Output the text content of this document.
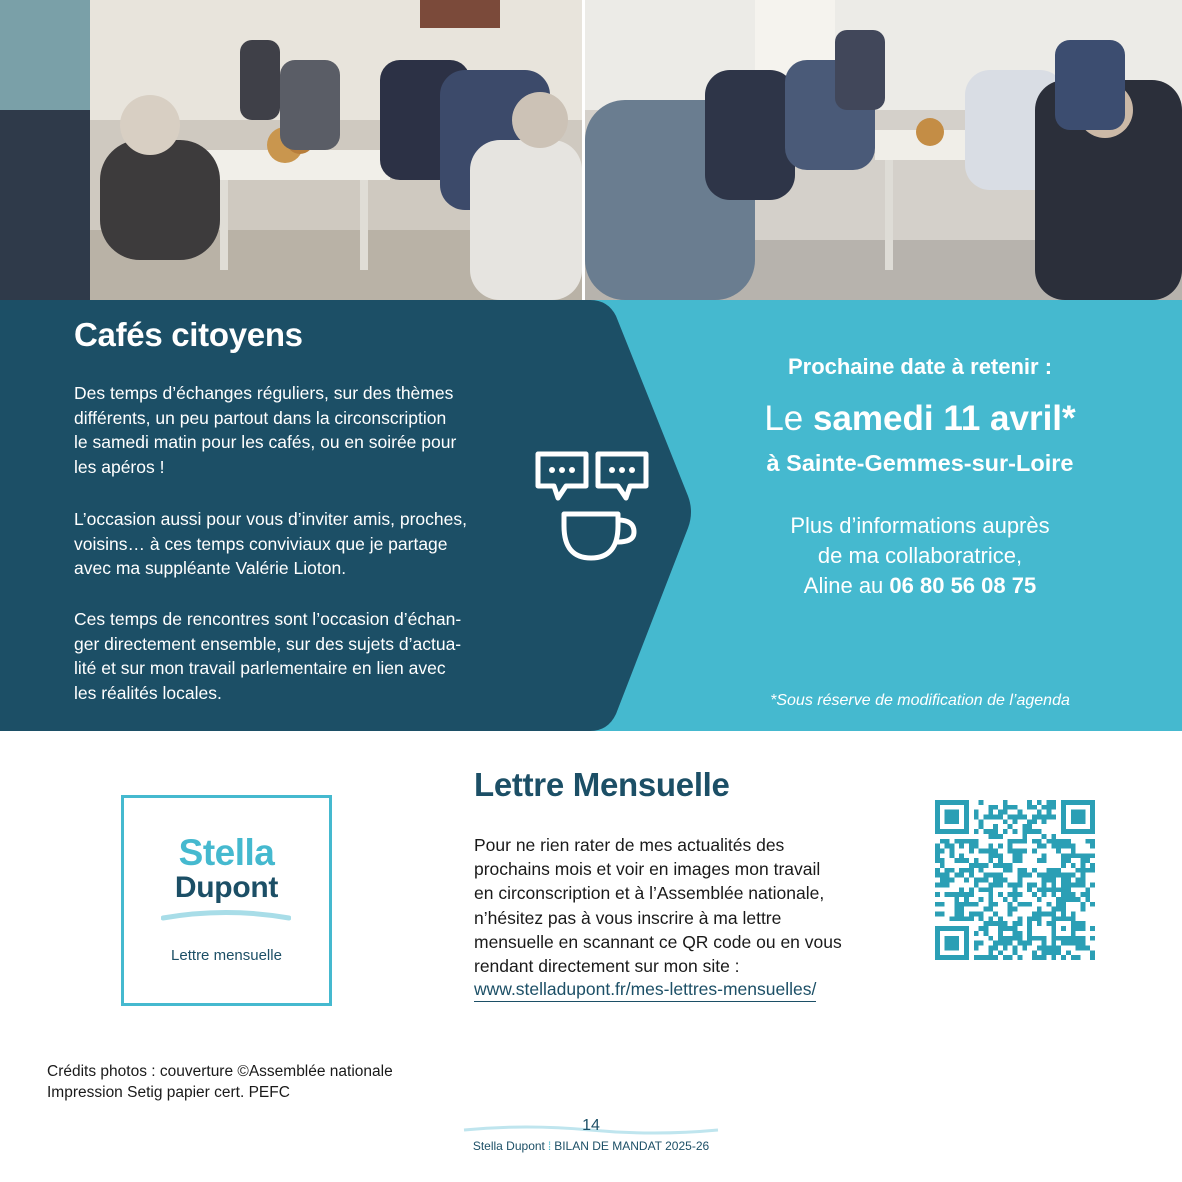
Cafés citoyens
Des temps d’échanges réguliers, sur des thèmes
différents, un peu partout dans la circonscription
le samedi matin pour les cafés, ou en soirée pour
les apéros !
L’occasion aussi pour vous d’inviter amis, proches,
voisins… à ces temps conviviaux que je partage
avec ma suppléante Valérie Lioton.
Ces temps de rencontres sont l’occasion d’échan-
ger directement ensemble, sur des sujets d’actua-
lité et sur mon travail parlementaire en lien avec
les réalités locales.
Prochaine date à retenir :
Le samedi 11 avril*
à Sainte-Gemmes-sur-Loire
Plus d’informations auprès
de ma collaboratrice,
Aline au 06 80 56 08 75
*Sous réserve de modification de l’agenda
Stella
Dupont
Lettre mensuelle
Lettre Mensuelle
Pour ne rien rater de mes actualités des
prochains mois et voir en images mon travail
en circonscription et à l’Assemblée nationale,
n’hésitez pas à vous inscrire à ma lettre
mensuelle en scannant ce QR code ou en vous
rendant directement sur mon site :
www.stelladupont.fr/mes-lettres-mensuelles/
Crédits photos : couverture ©Assemblée nationale
Impression Setig papier cert. PEFC
14
Stella Dupont ⁞ BILAN DE MANDAT 2025-26
